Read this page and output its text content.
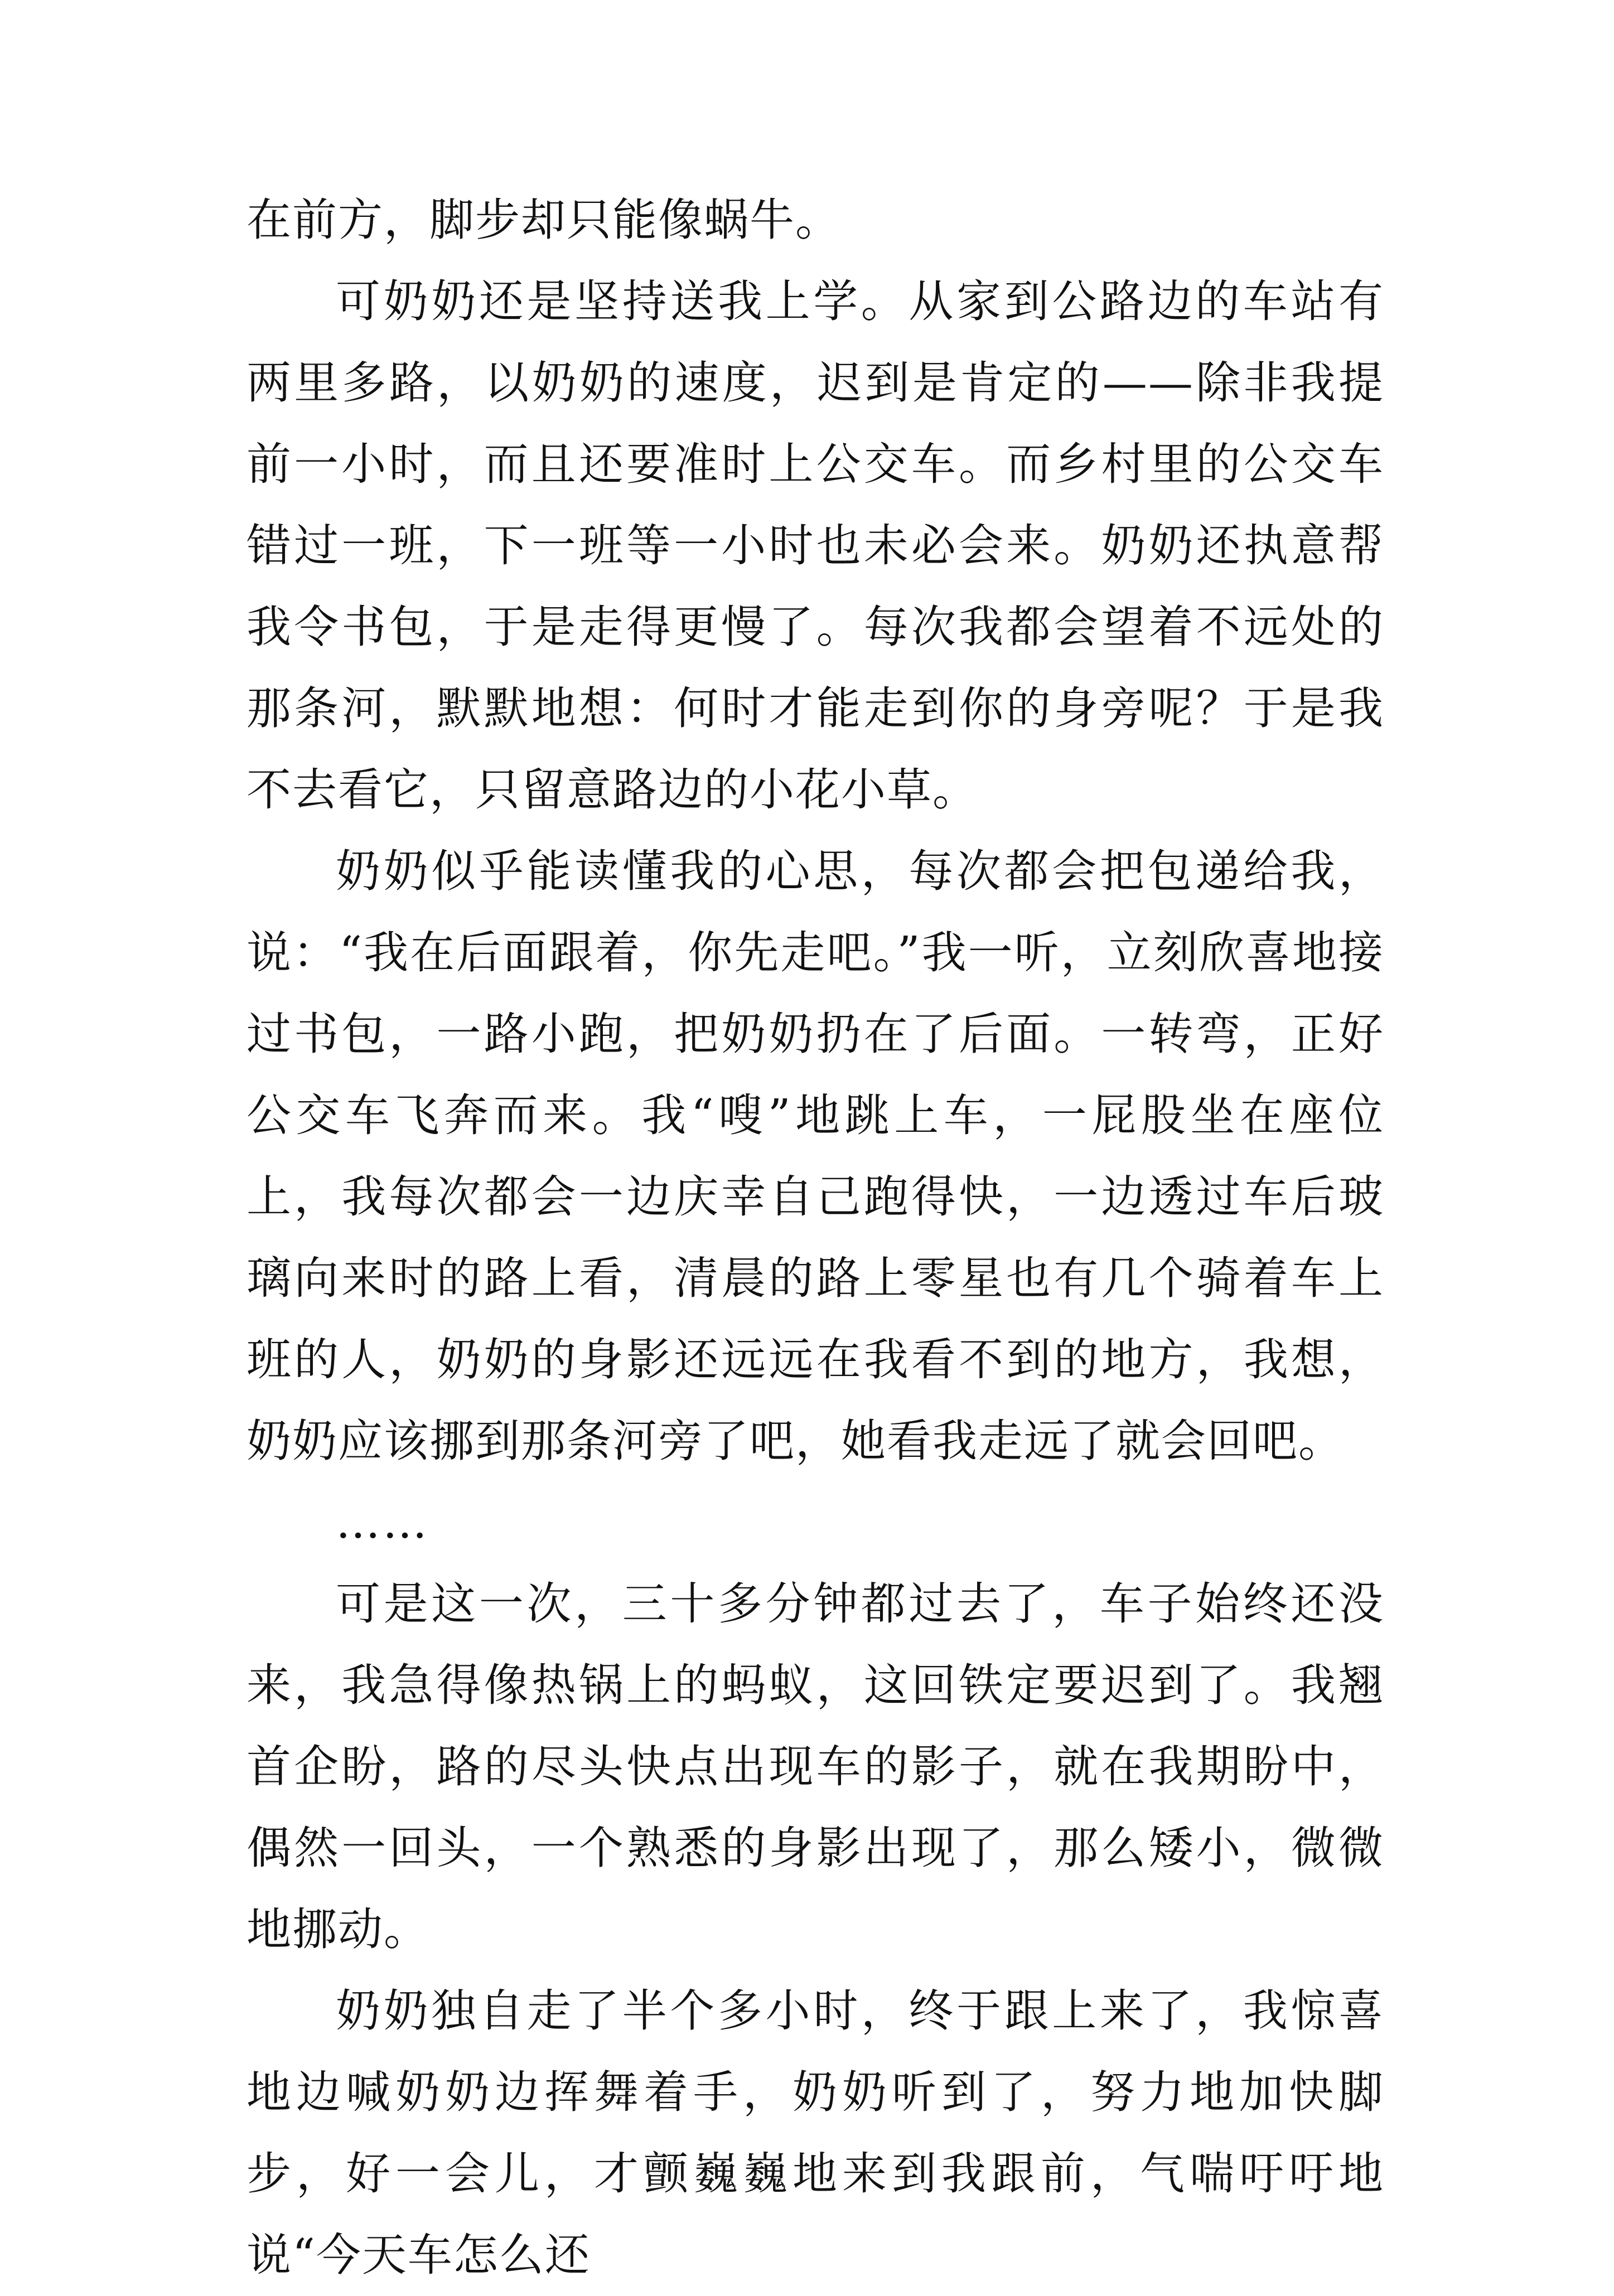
在前方，脚步却只能像蜗牛。

可奶奶还是坚持送我上学。从家到公路边的车站有两里多路，以奶奶的速度，迟到是肯定的——除非我提前一小时，而且还要准时上公交车。而乡村里的公交车错过一班，下一班等一小时也未必会来。奶奶还执意帮我令书包，于是走得更慢了。每次我都会望着不远处的那条河，默默地想：何时才能走到你的身旁呢？于是我不去看它，只留意路边的小花小草。

奶奶似乎能读懂我的心思，每次都会把包递给我，说：“我在后面跟着，你先走吧。”我一听，立刻欣喜地接过书包，一路小跑，把奶奶扔在了后面。一转弯，正好公交车飞奔而来。我“嗖”地跳上车，一屁股坐在座位上，我每次都会一边庆幸自己跑得快，一边透过车后玻璃向来时的路上看，清晨的路上零星也有几个骑着车上班的人，奶奶的身影还远远在我看不到的地方，我想，奶奶应该挪到那条河旁了吧，她看我走远了就会回吧。

……

可是这一次，三十多分钟都过去了，车子始终还没来，我急得像热锅上的蚂蚁，这回铁定要迟到了。我翘首企盼，路的尽头快点出现车的影子，就在我期盼中，偶然一回头，一个熟悉的身影出现了，那么矮小，微微地挪动。

奶奶独自走了半个多小时，终于跟上来了，我惊喜地边喊奶奶边挥舞着手，奶奶听到了，努力地加快脚步，好一会儿，才颤巍巍地来到我跟前，气喘吁吁地说“今天车怎么还
